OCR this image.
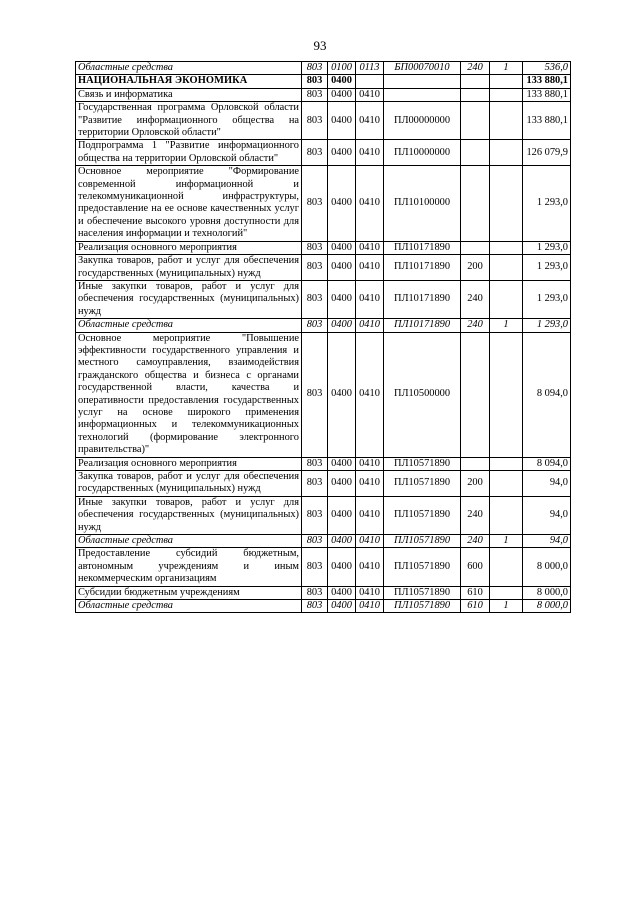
93
Областные средства	803	0100	0113	БП00070010	240	1	536,0
НАЦИОНАЛЬНАЯ ЭКОНОМИКА	803	0400					133 880,1
Связь и информатика	803	0400	0410				133 880,1
Государственная программа Орловской области "Развитие информационного общества на территории Орловской области"	803	0400	0410	ПЛ00000000			133 880,1
Подпрограмма 1 "Развитие информационного общества на территории Орловской области"	803	0400	0410	ПЛ10000000			126 079,9
Основное мероприятие "Формирование современной информационной и телекоммуникационной инфраструктуры, предоставление на ее основе качественных услуг и обеспечение высокого уровня доступности для населения информации и технологий"	803	0400	0410	ПЛ10100000			1 293,0
Реализация основного мероприятия	803	0400	0410	ПЛ10171890			1 293,0
Закупка товаров, работ и услуг для обеспечения государственных (муниципальных) нужд	803	0400	0410	ПЛ10171890	200		1 293,0
Иные закупки товаров, работ и услуг для обеспечения государственных (муниципальных) нужд	803	0400	0410	ПЛ10171890	240		1 293,0
Областные средства	803	0400	0410	ПЛ10171890	240	1	1 293,0
Основное мероприятие "Повышение эффективности государственного управления и местного самоуправления, взаимодействия гражданского общества и бизнеса с органами государственной власти, качества и оперативности предоставления государственных услуг на основе широкого применения информационных и телекоммуникационных технологий (формирование электронного правительства)"	803	0400	0410	ПЛ10500000			8 094,0
Реализация основного мероприятия	803	0400	0410	ПЛ10571890			8 094,0
Закупка товаров, работ и услуг для обеспечения государственных (муниципальных) нужд	803	0400	0410	ПЛ10571890	200		94,0
Иные закупки товаров, работ и услуг для обеспечения государственных (муниципальных) нужд	803	0400	0410	ПЛ10571890	240		94,0
Областные средства	803	0400	0410	ПЛ10571890	240	1	94,0
Предоставление субсидий бюджетным, автономным учреждениям и иным некоммерческим организациям	803	0400	0410	ПЛ10571890	600		8 000,0
Субсидии бюджетным учреждениям	803	0400	0410	ПЛ10571890	610		8 000,0
Областные средства	803	0400	0410	ПЛ10571890	610	1	8 000,0
